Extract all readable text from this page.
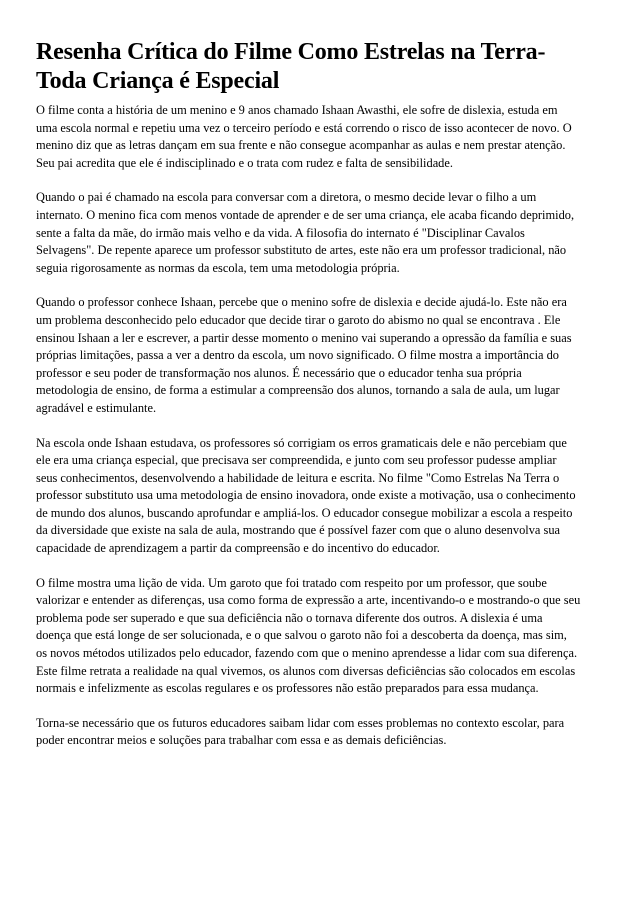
Resenha Crítica do Filme Como Estrelas na Terra-
Toda Criança é Especial

O filme conta a história de um menino e 9 anos chamado Ishaan Awasthi, ele sofre de dislexia, estuda em
uma escola normal e repetiu uma vez o terceiro período e está correndo o risco de isso acontecer de novo. O
menino diz que as letras dançam em sua frente e não consegue acompanhar as aulas e nem prestar atenção.
Seu pai acredita que ele é indisciplinado e o trata com rudez e falta de sensibilidade.

Quando o pai é chamado na escola para conversar com a diretora, o mesmo decide levar o filho a um
internato. O menino fica com menos vontade de aprender e de ser uma criança, ele acaba ficando deprimido,
sente a falta da mãe, do irmão mais velho e da vida. A filosofia do internato é "Disciplinar Cavalos
Selvagens". De repente aparece um professor substituto de artes, este não era um professor tradicional, não
seguia rigorosamente as normas da escola, tem uma metodologia própria.

Quando o professor conhece Ishaan, percebe que o menino sofre de dislexia e decide ajudá-lo. Este não era
um problema desconhecido pelo educador que decide tirar o garoto do abismo no qual se encontrava . Ele
ensinou Ishaan a ler e escrever, a partir desse momento o menino vai superando a opressão da família e suas
próprias limitações, passa a ver a dentro da escola, um novo significado. O filme mostra a importância do
professor e seu poder de transformação nos alunos. É necessário que o educador tenha sua própria
metodologia de ensino, de forma a estimular a compreensão dos alunos, tornando a sala de aula, um lugar
agradável e estimulante.

Na escola onde Ishaan estudava, os professores só corrigiam os erros gramaticais dele e não percebiam que
ele era uma criança especial, que precisava ser compreendida, e junto com seu professor pudesse ampliar
seus conhecimentos, desenvolvendo a habilidade de leitura e escrita. No filme "Como Estrelas Na Terra o
professor substituto usa uma metodologia de ensino inovadora, onde existe a motivação, usa o conhecimento
de mundo dos alunos, buscando aprofundar e ampliá-los. O educador consegue mobilizar a escola a respeito
da diversidade que existe na sala de aula, mostrando que é possível fazer com que o aluno desenvolva sua
capacidade de aprendizagem a partir da compreensão e do incentivo do educador.

O filme mostra uma lição de vida. Um garoto que foi tratado com respeito por um professor, que soube
valorizar e entender as diferenças, usa como forma de expressão a arte, incentivando-o e mostrando-o que seu
problema pode ser superado e que sua deficiência não o tornava diferente dos outros. A dislexia é uma
doença que está longe de ser solucionada, e o que salvou o garoto não foi a descoberta da doença, mas sim,
os novos métodos utilizados pelo educador, fazendo com que o menino aprendesse a lidar com sua diferença.
Este filme retrata a realidade na qual vivemos, os alunos com diversas deficiências são colocados em escolas
normais e infelizmente as escolas regulares e os professores não estão preparados para essa mudança.

Torna-se necessário que os futuros educadores saibam lidar com esses problemas no contexto escolar, para
poder encontrar meios e soluções para trabalhar com essa e as demais deficiências.
